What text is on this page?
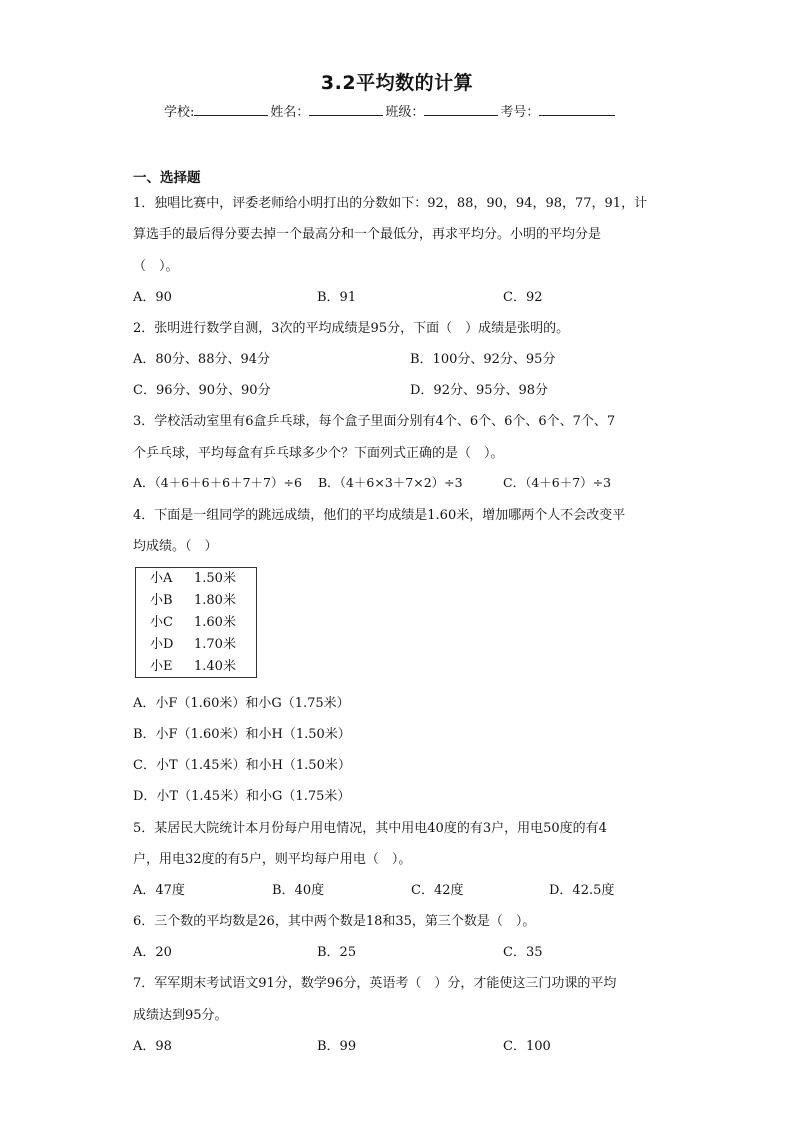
3.2平均数的计算
学校:	姓名：	班级：	考号：
一、选择题
1．独唱比赛中，评委老师给小明打出的分数如下：92，88，90，94，98，77，91，计
算选手的最后得分要去掉一个最高分和一个最低分，再求平均分。小明的平均分是
（　）。
A．90	B．91	C．92
2．张明进行数学自测，3次的平均成绩是95分，下面（　）成绩是张明的。
A．80分、88分、94分	B．100分、92分、95分
C．96分、90分、90分	D．92分、95分、98分
3．学校活动室里有6盒乒乓球，每个盒子里面分别有4个、6个、6个、6个、7个、7
个乒乓球，平均每盒有乒乓球多少个？下面列式正确的是（　）。
A．（4＋6＋6＋6＋7＋7）÷6 B．（4＋6×3＋7×2）÷3	C．（4＋6＋7）÷3
4．下面是一组同学的跳远成绩，他们的平均成绩是1.60米，增加哪两个人不会改变平
均成绩。（　）
小A	1.50米
小B	1.80米
小C	1.60米
小D	1.70米
小E	1.40米
A．小F（1.60米）和小G（1.75米）
B．小F（1.60米）和小H（1.50米）
C．小T（1.45米）和小H（1.50米）
D．小T（1.45米）和小G（1.75米）
5．某居民大院统计本月份每户用电情况，其中用电40度的有3户，用电50度的有4
户，用电32度的有5户，则平均每户用电（　）。
A．47度	B．40度	C．42度	D．42.5度
6．三个数的平均数是26，其中两个数是18和35，第三个数是（　）。
A．20	B．25	C．35
7．军军期末考试语文91分，数学96分，英语考（　）分，才能使这三门功课的平均
成绩达到95分。
A．98	B．99	C．100
